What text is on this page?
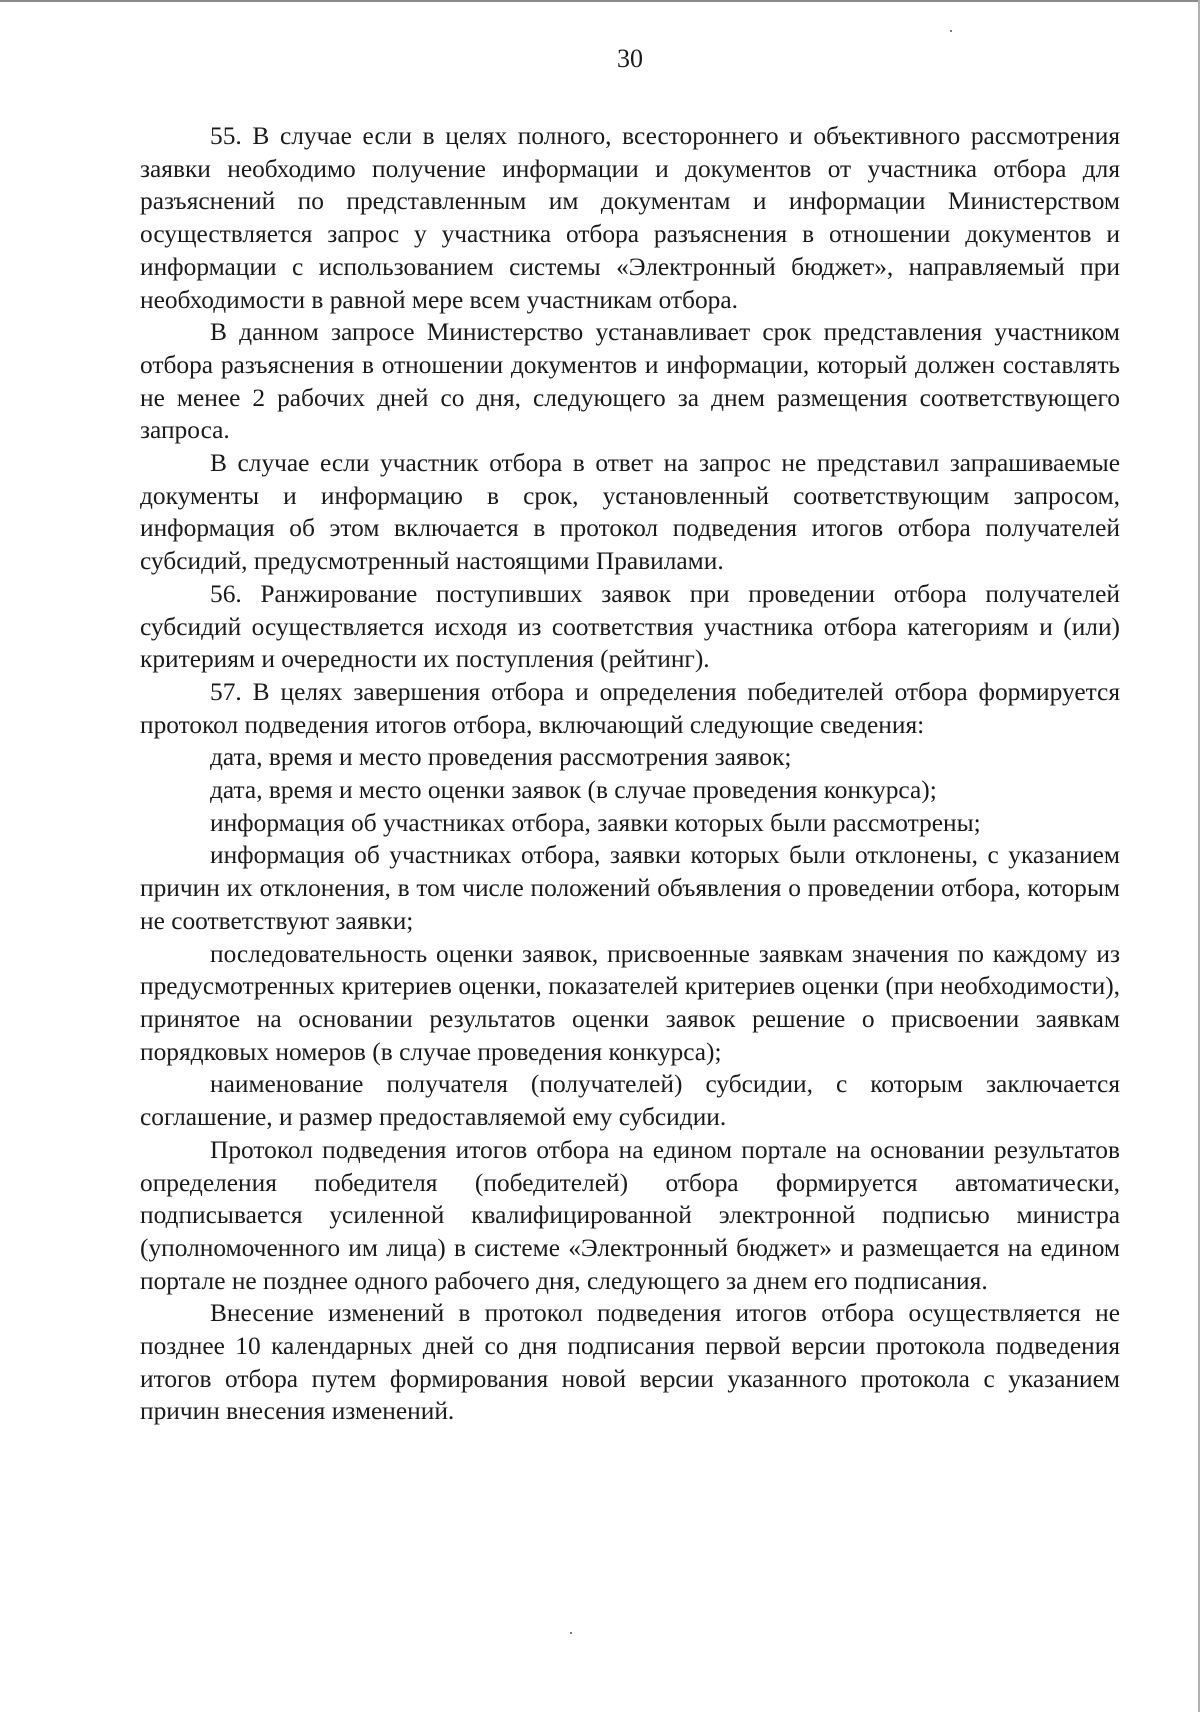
30

55. В случае если в целях полного, всестороннего и объективного рассмотрения заявки необходимо получение информации и документов от участника отбора для разъяснений по представленным им документам и информации Министерством осуществляется запрос у участника отбора разъяснения в отношении документов и информации с использованием системы «Электронный бюджет», направляемый при необходимости в равной мере всем участникам отбора.

В данном запросе Министерство устанавливает срок представления участником отбора разъяснения в отношении документов и информации, который должен составлять не менее 2 рабочих дней со дня, следующего за днем размещения соответствующего запроса.

В случае если участник отбора в ответ на запрос не представил запрашиваемые документы и информацию в срок, установленный соответствующим запросом, информация об этом включается в протокол подведения итогов отбора получателей субсидий, предусмотренный настоящими Правилами.

56. Ранжирование поступивших заявок при проведении отбора получателей субсидий осуществляется исходя из соответствия участника отбора категориям и (или) критериям и очередности их поступления (рейтинг).

57. В целях завершения отбора и определения победителей отбора формируется протокол подведения итогов отбора, включающий следующие сведения:

дата, время и место проведения рассмотрения заявок;

дата, время и место оценки заявок (в случае проведения конкурса);

информация об участниках отбора, заявки которых были рассмотрены;

информация об участниках отбора, заявки которых были отклонены, с указанием причин их отклонения, в том числе положений объявления о проведении отбора, которым не соответствуют заявки;

последовательность оценки заявок, присвоенные заявкам значения по каждому из предусмотренных критериев оценки, показателей критериев оценки (при необходимости), принятое на основании результатов оценки заявок решение о присвоении заявкам порядковых номеров (в случае проведения конкурса);

наименование получателя (получателей) субсидии, с которым заключается соглашение, и размер предоставляемой ему субсидии.

Протокол подведения итогов отбора на едином портале на основании результатов определения победителя (победителей) отбора формируется автоматически, подписывается усиленной квалифицированной электронной подписью министра (уполномоченного им лица) в системе «Электронный бюджет» и размещается на едином портале не позднее одного рабочего дня, следующего за днем его подписания.

Внесение изменений в протокол подведения итогов отбора осуществляется не позднее 10 календарных дней со дня подписания первой версии протокола подведения итогов отбора путем формирования новой версии указанного протокола с указанием причин внесения изменений.
